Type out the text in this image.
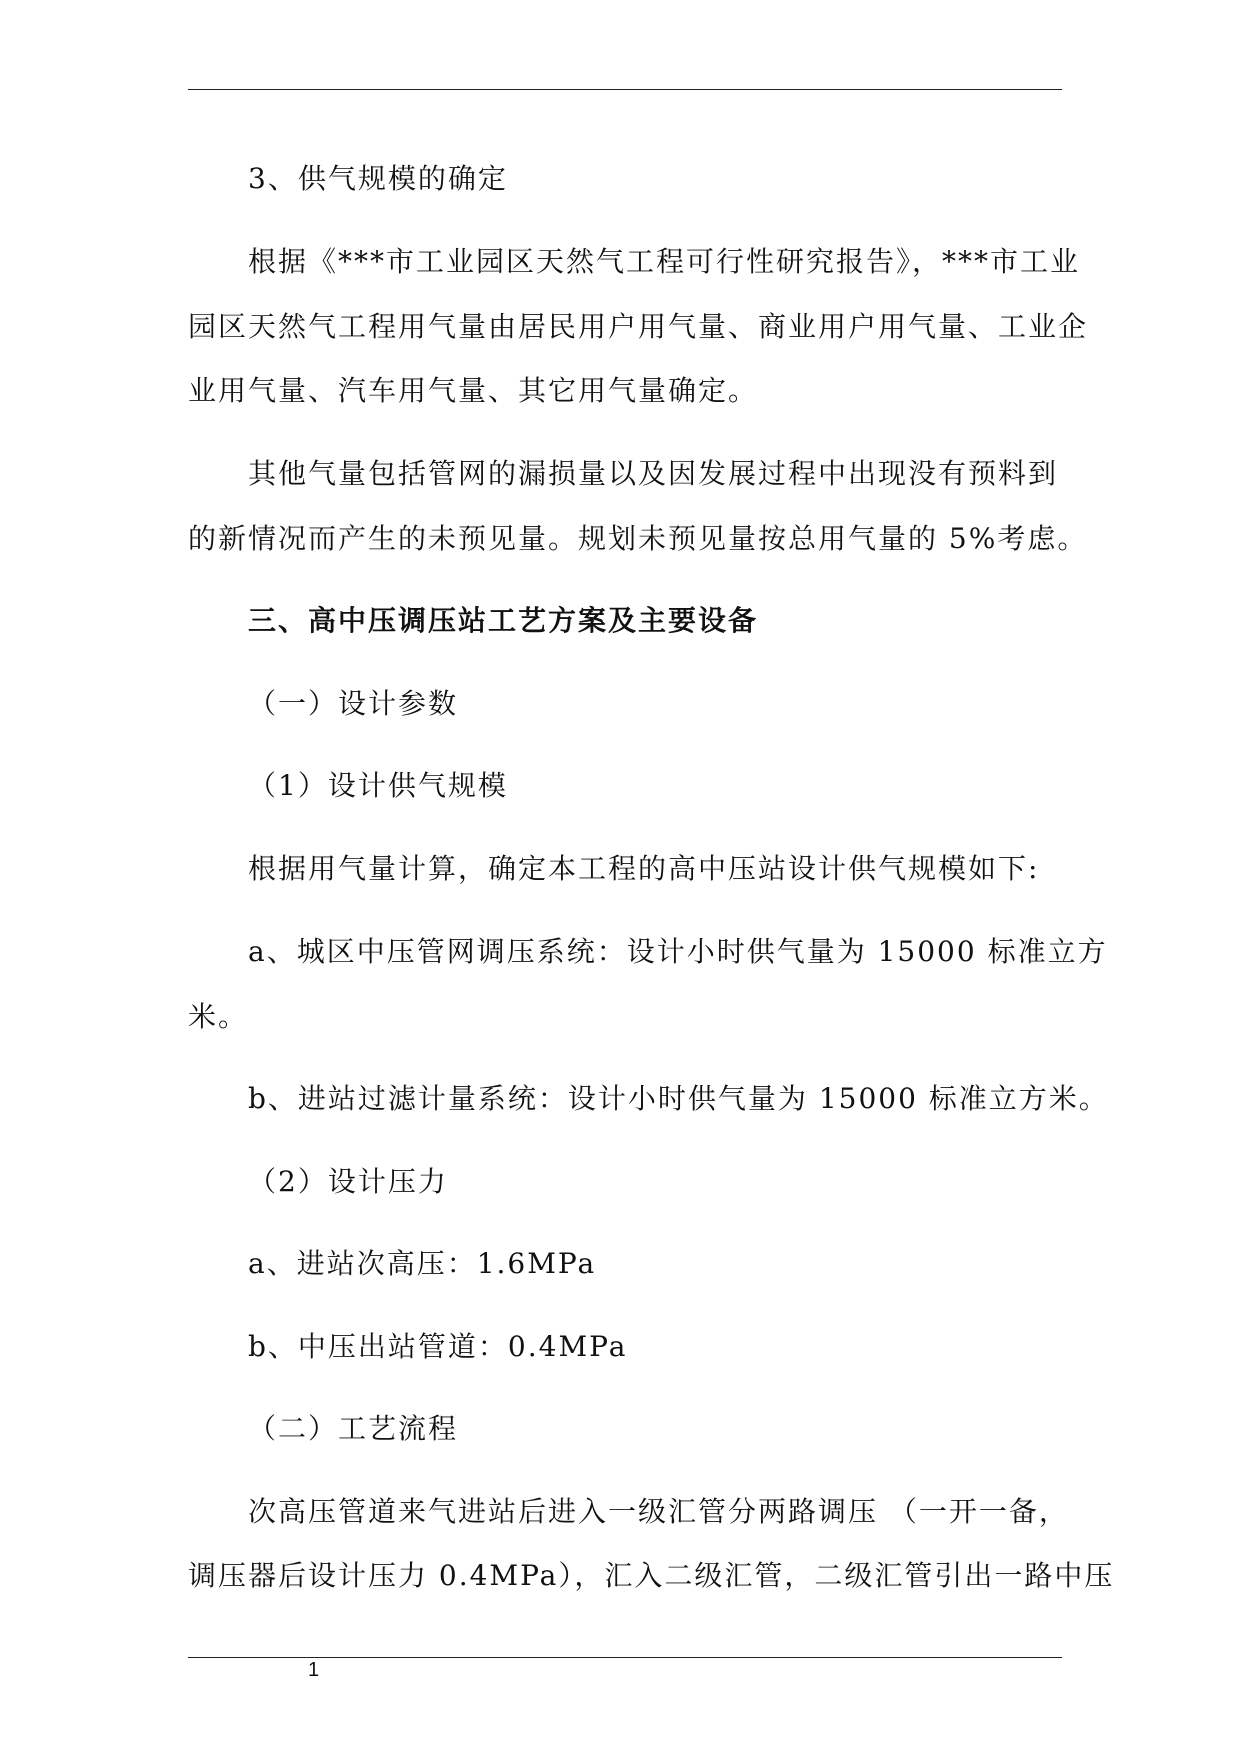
3、供气规模的确定
根据《***市工业园区天然气工程可行性研究报告》，***市工业
园区天然气工程用气量由居民用户用气量、商业用户用气量、工业企
业用气量、汽车用气量、其它用气量确定。
其他气量包括管网的漏损量以及因发展过程中出现没有预料到
的新情况而产生的未预见量。规划未预见量按总用气量的 5%考虑。
三、高中压调压站工艺方案及主要设备
（一）设计参数
（1）设计供气规模
根据用气量计算，确定本工程的高中压站设计供气规模如下:
a、城区中压管网调压系统：设计小时供气量为 15000 标准立方
米。
b、进站过滤计量系统：设计小时供气量为 15000 标准立方米。
（2）设计压力
a、进站次高压：1.6MPa
b、中压出站管道：0.4MPa
（二）工艺流程
次高压管道来气进站后进入一级汇管分两路调压 （一开一备，
调压器后设计压力 0.4MPa），汇入二级汇管，二级汇管引出一路中压
1
